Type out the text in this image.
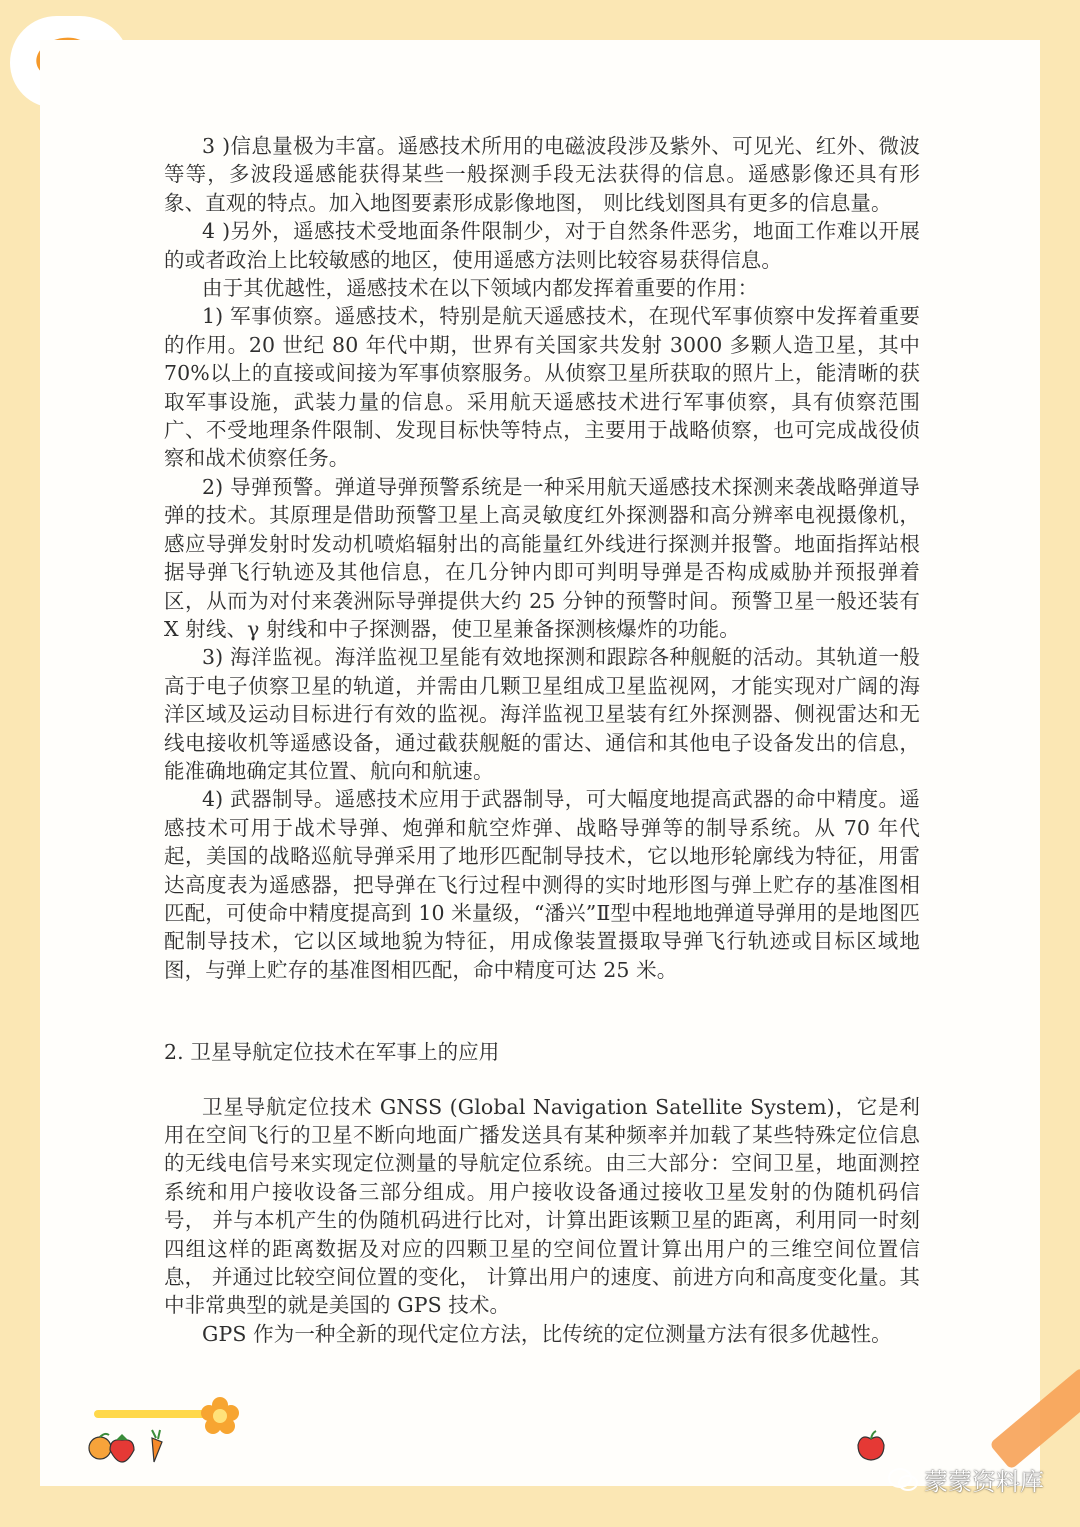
3 )信息量极为丰富。遥感技术所用的电磁波段涉及紫外、可见光、红外、微波等等，多波段遥感能获得某些一般探测手段无法获得的信息。遥感影像还具有形象、直观的特点。加入地图要素形成影像地图， 则比线划图具有更多的信息量。

4 )另外，遥感技术受地面条件限制少，对于自然条件恶劣，地面工作难以开展的或者政治上比较敏感的地区，使用遥感方法则比较容易获得信息。

由于其优越性，遥感技术在以下领域内都发挥着重要的作用：

1) 军事侦察。遥感技术，特别是航天遥感技术，在现代军事侦察中发挥着重要的作用。20 世纪 80 年代中期，世界有关国家共发射 3000 多颗人造卫星，其中 70%以上的直接或间接为军事侦察服务。从侦察卫星所获取的照片上，能清晰的获取军事设施，武装力量的信息。采用航天遥感技术进行军事侦察，具有侦察范围广、不受地理条件限制、发现目标快等特点，主要用于战略侦察，也可完成战役侦察和战术侦察任务。

2) 导弹预警。弹道导弹预警系统是一种采用航天遥感技术探测来袭战略弹道导弹的技术。其原理是借助预警卫星上高灵敏度红外探测器和高分辨率电视摄像机，感应导弹发射时发动机喷焰辐射出的高能量红外线进行探测并报警。地面指挥站根据导弹飞行轨迹及其他信息，在几分钟内即可判明导弹是否构成威胁并预报弹着区，从而为对付来袭洲际导弹提供大约 25 分钟的预警时间。预警卫星一般还装有 X 射线、γ 射线和中子探测器，使卫星兼备探测核爆炸的功能。

3) 海洋监视。海洋监视卫星能有效地探测和跟踪各种舰艇的活动。其轨道一般高于电子侦察卫星的轨道，并需由几颗卫星组成卫星监视网，才能实现对广阔的海洋区域及运动目标进行有效的监视。海洋监视卫星装有红外探测器、侧视雷达和无线电接收机等遥感设备，通过截获舰艇的雷达、通信和其他电子设备发出的信息，能准确地确定其位置、航向和航速。

4) 武器制导。遥感技术应用于武器制导，可大幅度地提高武器的命中精度。遥感技术可用于战术导弹、炮弹和航空炸弹、战略导弹等的制导系统。从 70 年代起，美国的战略巡航导弹采用了地形匹配制导技术，它以地形轮廓线为特征，用雷达高度表为遥感器，把导弹在飞行过程中测得的实时地形图与弹上贮存的基准图相匹配，可使命中精度提高到 10 米量级，“潘兴”Ⅱ型中程地地弹道导弹用的是地图匹配制导技术，它以区域地貌为特征，用成像装置摄取导弹飞行轨迹或目标区域地图，与弹上贮存的基准图相匹配，命中精度可达 25 米。

2. 卫星导航定位技术在军事上的应用

卫星导航定位技术 GNSS (Global Navigation Satellite System)，它是利用在空间飞行的卫星不断向地面广播发送具有某种频率并加载了某些特殊定位信息的无线电信号来实现定位测量的导航定位系统。由三大部分：空间卫星，地面测控系统和用户接收设备三部分组成。用户接收设备通过接收卫星发射的伪随机码信号， 并与本机产生的伪随机码进行比对，计算出距该颗卫星的距离，利用同一时刻四组这样的距离数据及对应的四颗卫星的空间位置计算出用户的三维空间位置信息， 并通过比较空间位置的变化， 计算出用户的速度、前进方向和高度变化量。其中非常典型的就是美国的 GPS 技术。

GPS 作为一种全新的现代定位方法，比传统的定位测量方法有很多优越性。

蒙蒙资料库
